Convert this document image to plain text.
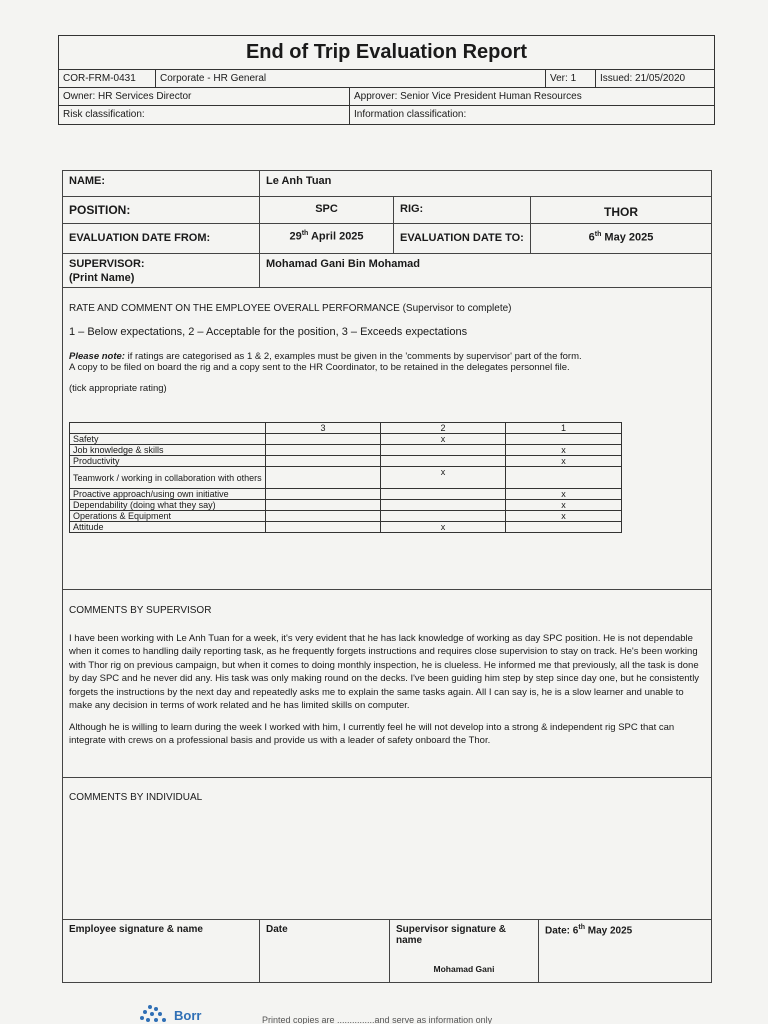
End of Trip Evaluation Report
COR-FRM-0431	Corporate - HR General	Ver: 1	Issued: 21/05/2020
Owner: HR Services Director	Approver: Senior Vice President Human Resources
Risk classification:	Information classification:
NAME:	Le Anh Tuan
POSITION:	SPC	RIG:	THOR
EVALUATION DATE FROM:	29th April 2025	EVALUATION DATE TO:	6th May 2025
SUPERVISOR:
(Print Name)
Mohamad Gani Bin Mohamad
RATE AND COMMENT ON THE EMPLOYEE OVERALL PERFORMANCE (Supervisor to complete)
1 – Below expectations, 2 – Acceptable for the position, 3 – Exceeds expectations
Please note: if ratings are categorised as 1 & 2, examples must be given in the 'comments by supervisor' part of the form.
A copy to be filed on board the rig and a copy sent to the HR Coordinator, to be retained in the delegates personnel file.
(tick appropriate rating)
	3	2	1
Safety		x	
Job knowledge & skills			x
Productivity			x
Teamwork / working in collaboration with others		x	
Proactive approach/using own initiative			x
Dependability (doing what they say)			x
Operations & Equipment			x
Attitude		x	
COMMENTS BY SUPERVISOR

I have been working with Le Anh Tuan for a week, it's very evident that he has lack knowledge of working as day SPC position. He is not dependable when it comes to handling daily reporting task, as he frequently forgets instructions and requires close supervision to stay on track. He's been working with Thor rig on previous campaign, but when it comes to doing monthly inspection, he is clueless. He informed me that previously, all the task is done by day SPC and he never did any. His task was only making round on the decks. I've been guiding him step by step since day one, but he consistently forgets the instructions by the next day and repeatedly asks me to explain the same tasks again. All I can say is, he is a slow learner and unable to make any decision in terms of work related and he has limited skills on computer.

Although he is willing to learn during the week I worked with him, I currently feel he will not develop into a strong & independent rig SPC that can integrate with crews on a professional basis and provide us with a leader of safety onboard the Thor.

COMMENTS BY INDIVIDUAL
Employee signature & name	Date	Supervisor signature & name
Mohamad Gani
Date: 6th May 2025
Borr	Printed copies are ...............and serve as information only
